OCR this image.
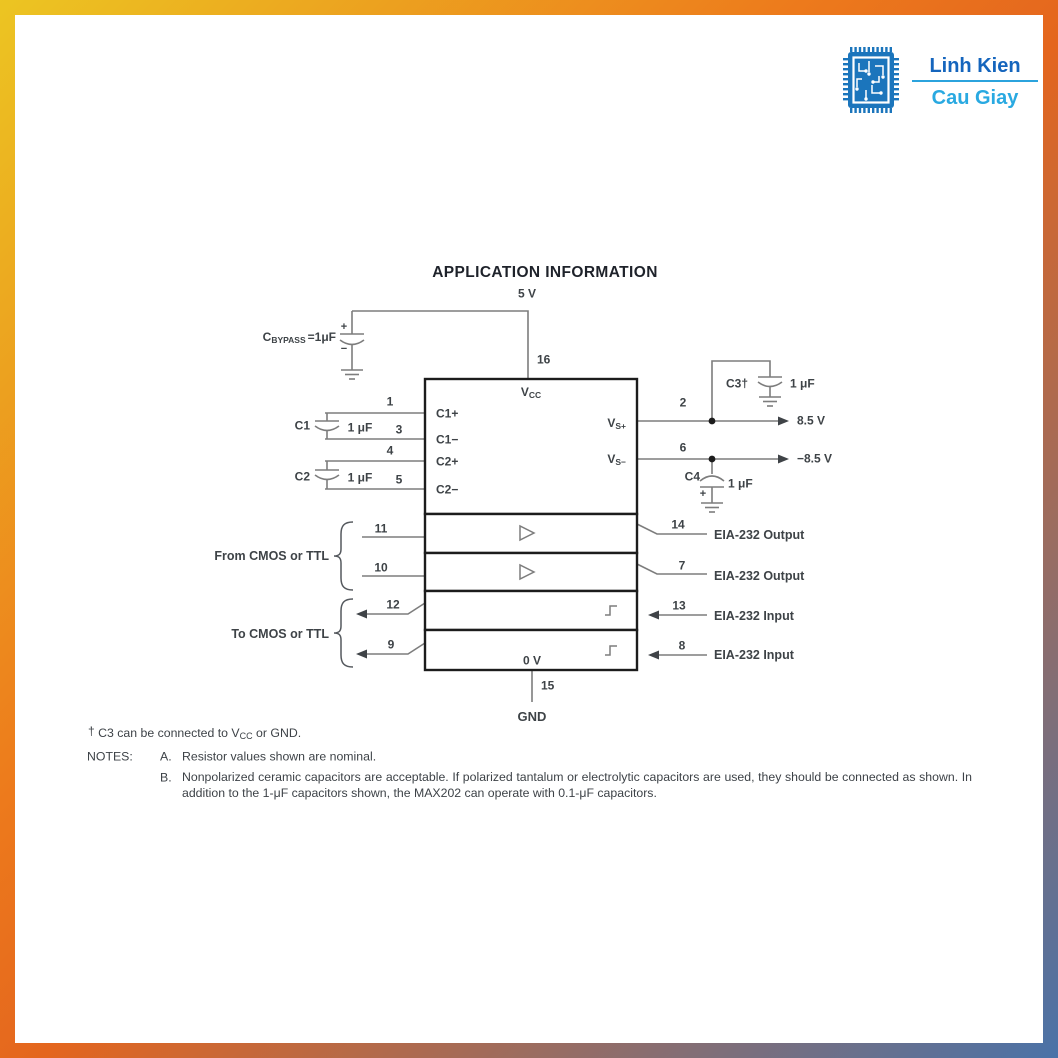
Linh Kien
Cau Giay
APPLICATION INFORMATION
5 V
16
VCC
CBYPASS =1μF
+
−
C1	1 μF
1
3
C2	1 μF
4
5
C1+
C1−
C2+
C2−
VS+
VS−
2
C3†	1 μF
8.5 V
6
−8.5 V
C4 1 μF
+
11
10
12
9
14
7
13
8
From CMOS or TTL
To CMOS or TTL
EIA-232 Output
EIA-232 Output
EIA-232 Input
EIA-232 Input
0 V
15
GND
† C3 can be connected to VCC or GND.
NOTES: A. Resistor values shown are nominal.
B. Nonpolarized ceramic capacitors are acceptable. If polarized tantalum or electrolytic capacitors are used, they should be connected as shown. In addition to the 1-μF capacitors shown, the MAX202 can operate with 0.1-μF capacitors.
